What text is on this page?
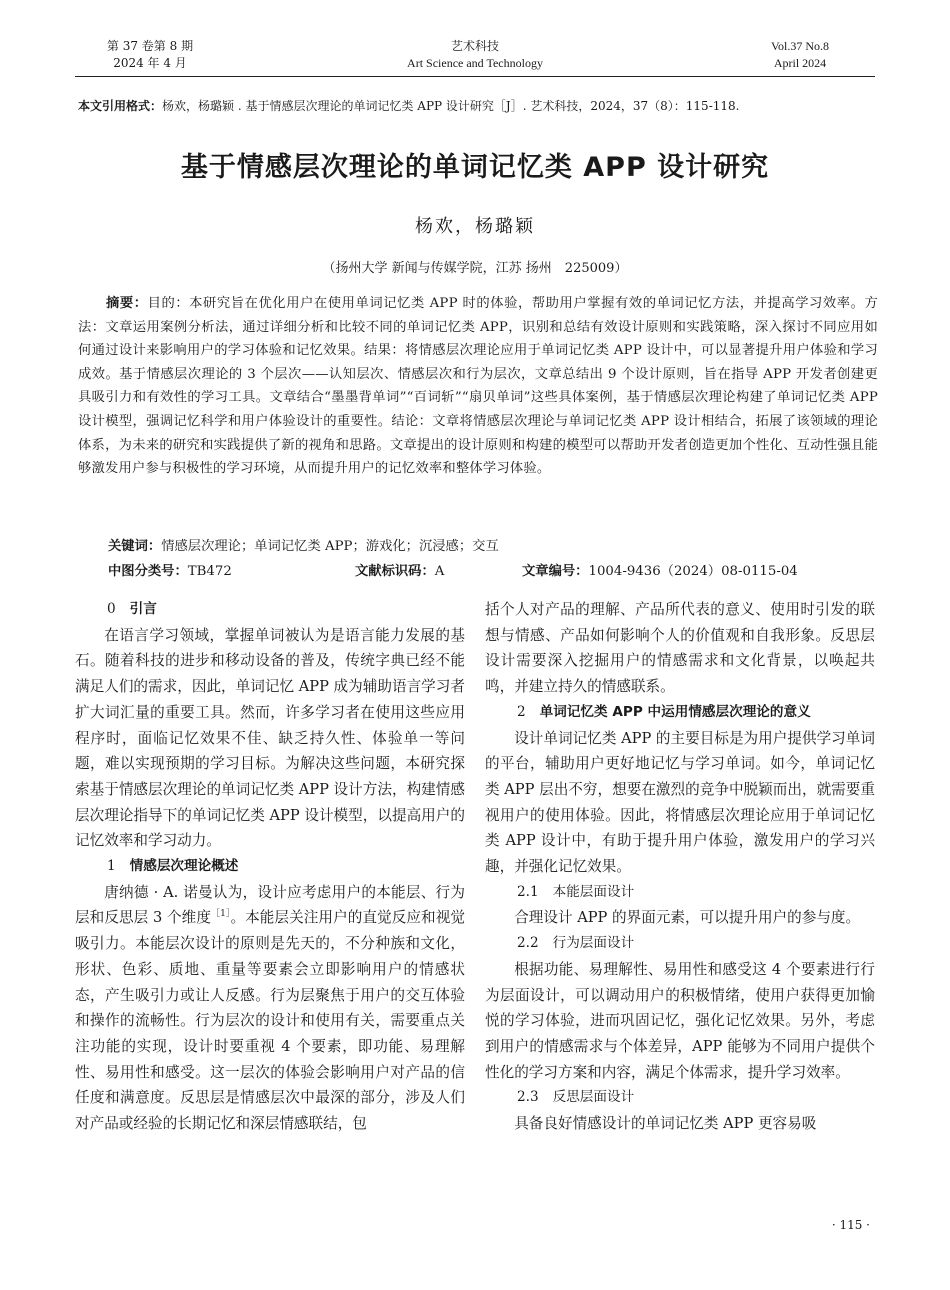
第 37 卷第 8 期
2024 年 4 月
艺术科技
Art Science and Technology
Vol.37 No.8
April 2024
本文引用格式：杨欢，杨璐颖 . 基于情感层次理论的单词记忆类 APP 设计研究［J］. 艺术科技，2024，37（8）：115-118.
基于情感层次理论的单词记忆类 APP 设计研究
杨欢，杨璐颖
（扬州大学 新闻与传媒学院，江苏 扬州　225009）
摘要：目的：本研究旨在优化用户在使用单词记忆类 APP 时的体验，帮助用户掌握有效的单词记忆方法，并提高学习效率。方法：文章运用案例分析法，通过详细分析和比较不同的单词记忆类 APP，识别和总结有效设计原则和实践策略，深入探讨不同应用如何通过设计来影响用户的学习体验和记忆效果。结果：将情感层次理论应用于单词记忆类 APP 设计中，可以显著提升用户体验和学习成效。基于情感层次理论的 3 个层次——认知层次、情感层次和行为层次，文章总结出 9 个设计原则，旨在指导 APP 开发者创建更具吸引力和有效性的学习工具。文章结合“墨墨背单词”“百词斩”“扇贝单词”这些具体案例，基于情感层次理论构建了单词记忆类 APP 设计模型，强调记忆科学和用户体验设计的重要性。结论：文章将情感层次理论与单词记忆类 APP 设计相结合，拓展了该领域的理论体系，为未来的研究和实践提供了新的视角和思路。文章提出的设计原则和构建的模型可以帮助开发者创造更加个性化、互动性强且能够激发用户参与积极性的学习环境，从而提升用户的记忆效率和整体学习体验。
关键词：情感层次理论；单词记忆类 APP；游戏化；沉浸感；交互
中图分类号：TB472	文献标识码：A	文章编号：1004-9436（2024）08-0115-04
0 引言

在语言学习领域，掌握单词被认为是语言能力发展的基石。随着科技的进步和移动设备的普及，传统字典已经不能满足人们的需求，因此，单词记忆 APP 成为辅助语言学习者扩大词汇量的重要工具。然而，许多学习者在使用这些应用程序时，面临记忆效果不佳、缺乏持久性、体验单一等问题，难以实现预期的学习目标。为解决这些问题，本研究探索基于情感层次理论的单词记忆类 APP 设计方法，构建情感层次理论指导下的单词记忆类 APP 设计模型，以提高用户的记忆效率和学习动力。

1 情感层次理论概述

唐纳德 · A. 诺曼认为，设计应考虑用户的本能层、行为层和反思层 3 个维度$^{[1]}$。本能层关注用户的直觉反应和视觉吸引力。本能层次设计的原则是先天的，不分种族和文化，形状、色彩、质地、重量等要素会立即影响用户的情感状态，产生吸引力或让人反感。行为层聚焦于用户的交互体验和操作的流畅性。行为层次的设计和使用有关，需要重点关注功能的实现，设计时要重视 4 个要素，即功能、易理解性、易用性和感受。这一层次的体验会影响用户对产品的信任度和满意度。反思层是情感层次中最深的部分，涉及人们对产品或经验的长期记忆和深层情感联结，包

括个人对产品的理解、产品所代表的意义、使用时引发的联想与情感、产品如何影响个人的价值观和自我形象。反思层设计需要深入挖掘用户的情感需求和文化背景，以唤起共鸣，并建立持久的情感联系。

2 单词记忆类 APP 中运用情感层次理论的意义

设计单词记忆类 APP 的主要目标是为用户提供学习单词的平台，辅助用户更好地记忆与学习单词。如今，单词记忆类 APP 层出不穷，想要在激烈的竞争中脱颖而出，就需要重视用户的使用体验。因此，将情感层次理论应用于单词记忆类 APP 设计中，有助于提升用户体验，激发用户的学习兴趣，并强化记忆效果。

2.1 本能层面设计

合理设计 APP 的界面元素，可以提升用户的参与度。

2.2 行为层面设计

根据功能、易理解性、易用性和感受这 4 个要素进行行为层面设计，可以调动用户的积极情绪，使用户获得更加愉悦的学习体验，进而巩固记忆，强化记忆效果。另外，考虑到用户的情感需求与个体差异，APP 能够为不同用户提供个性化的学习方案和内容，满足个体需求，提升学习效率。

2.3 反思层面设计

具备良好情感设计的单词记忆类 APP 更容易吸

· 115 ·
